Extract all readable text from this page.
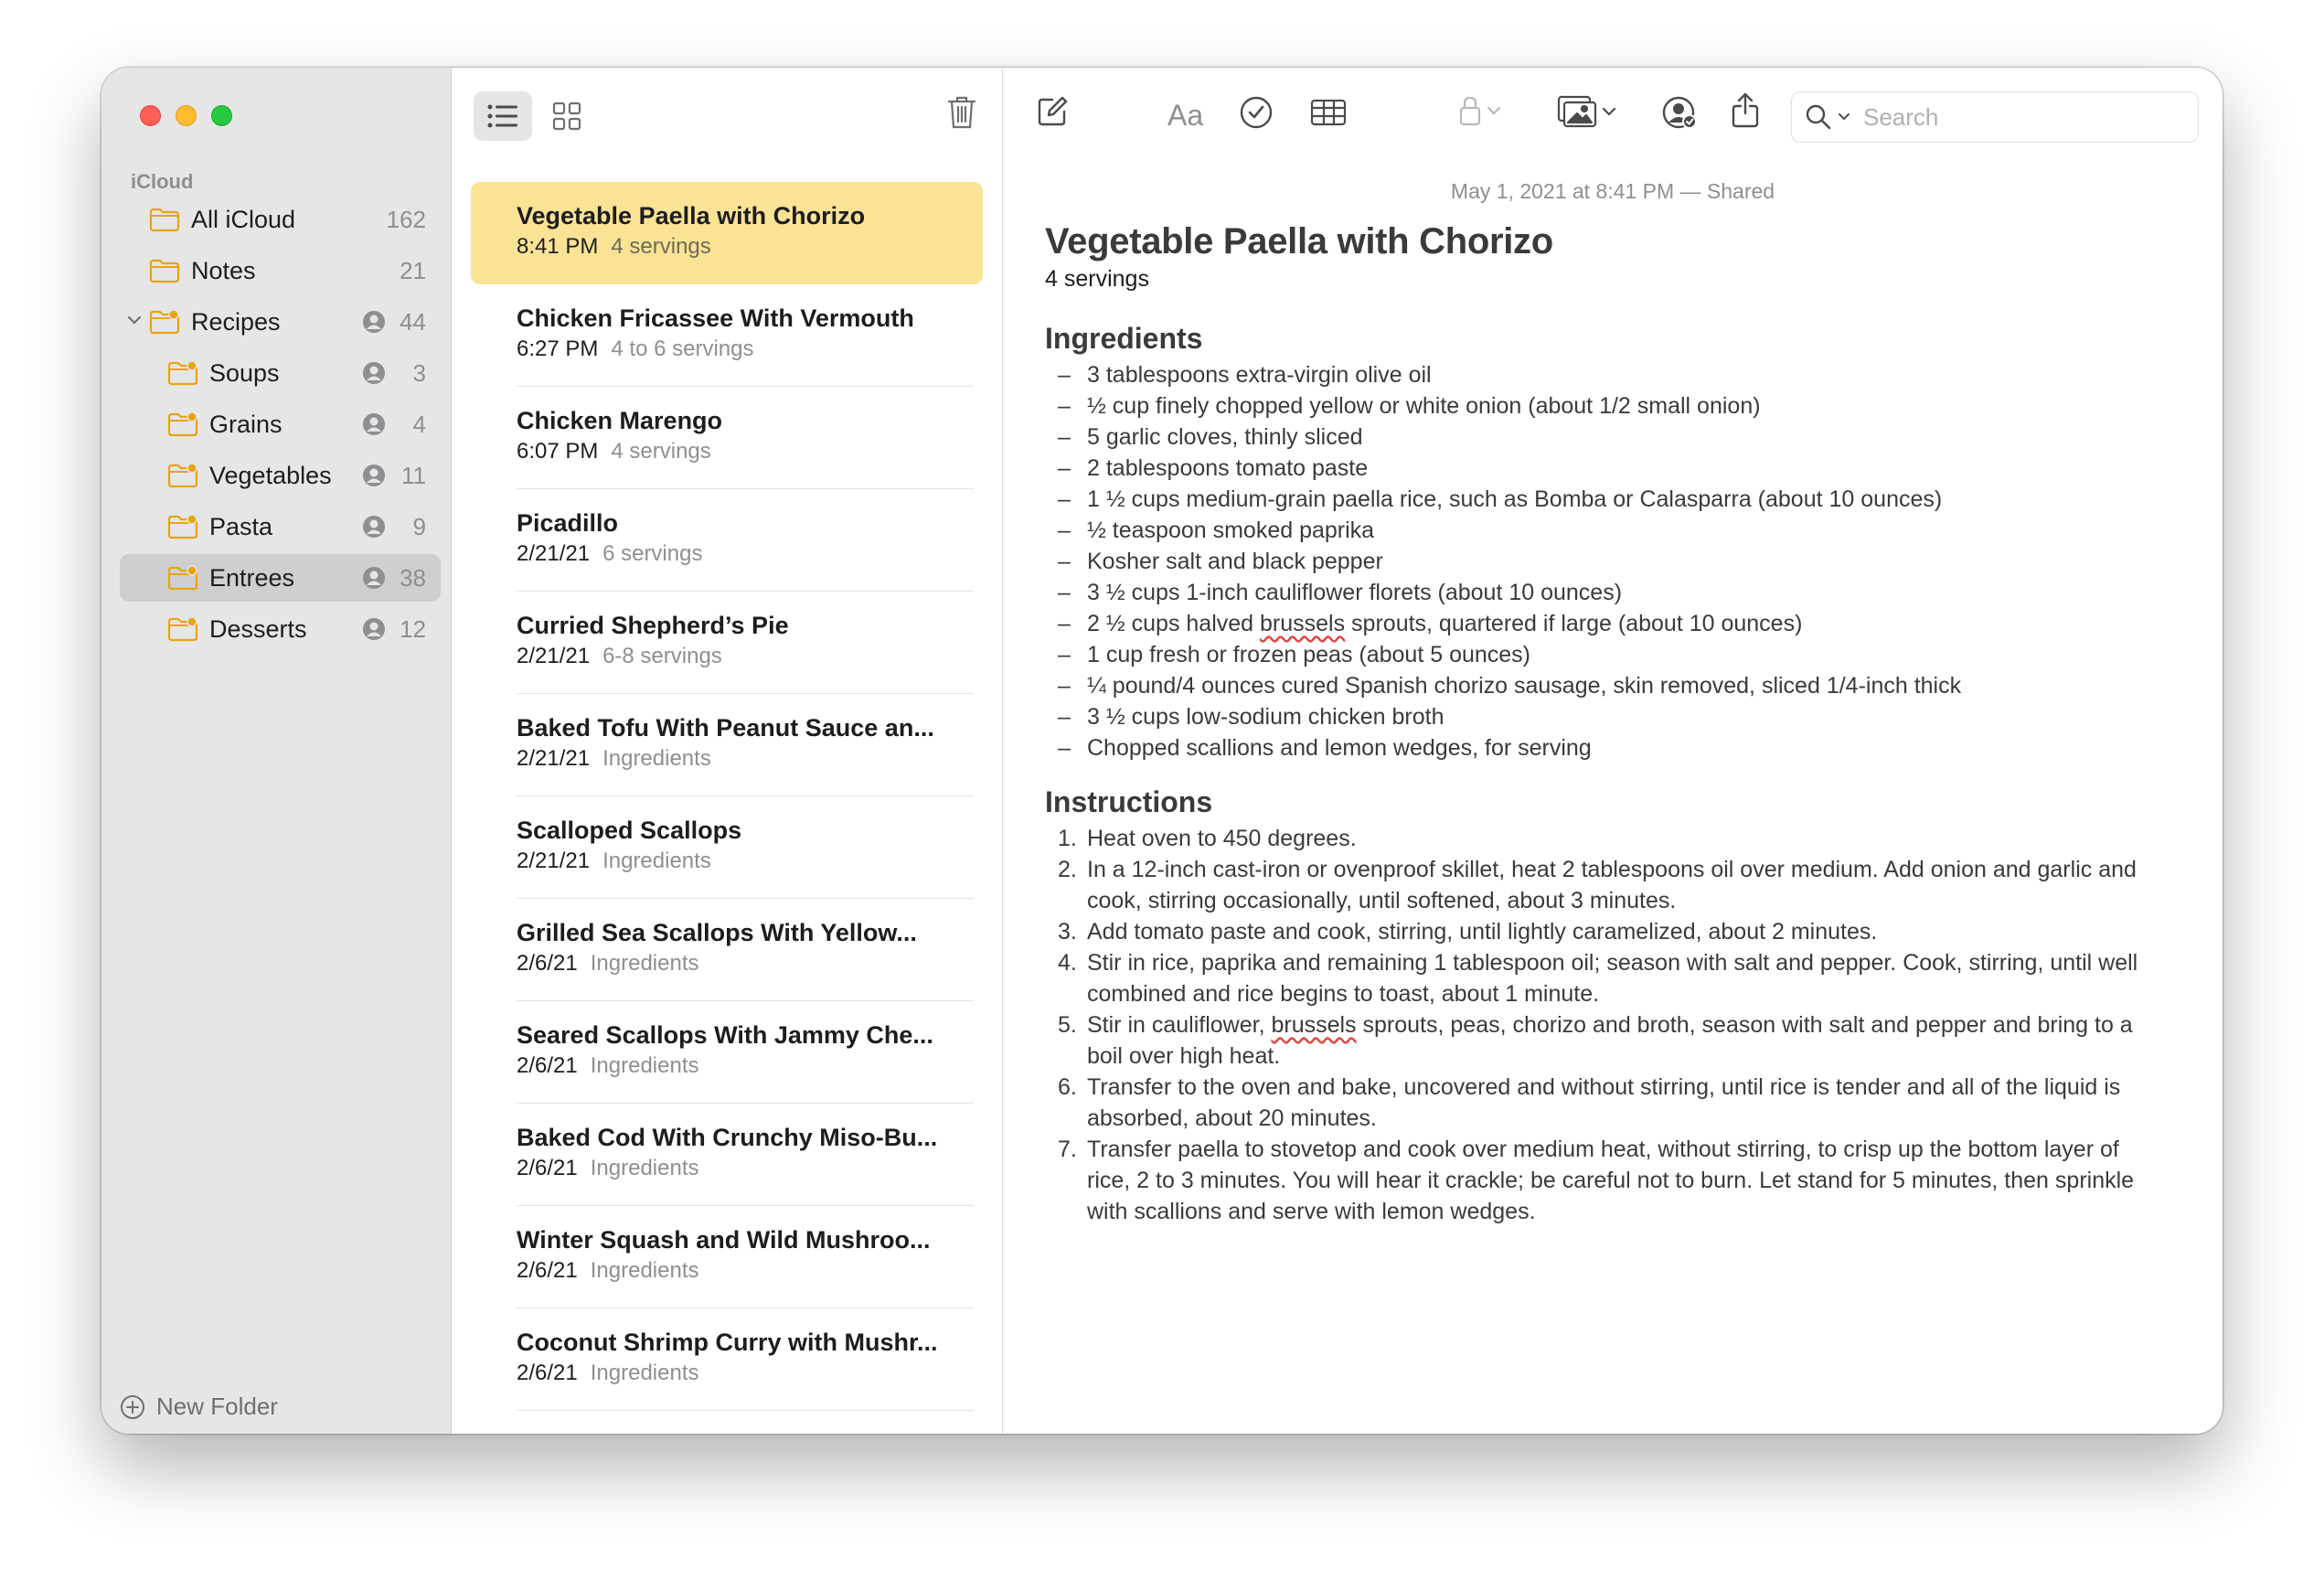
iCloud
All iCloud	162
Notes	21
Recipes	44
Soups	3
Grains	4
Vegetables	11
Pasta	9
Entrees	38
Desserts	12
New Folder
Vegetable Paella with Chorizo
8:41 PM 4 servings
Chicken Fricassee With Vermouth
6:27 PM 4 to 6 servings
Chicken Marengo
6:07 PM 4 servings
Picadillo
2/21/21 6 servings
Curried Shepherd’s Pie
2/21/21 6-8 servings
Baked Tofu With Peanut Sauce an...
2/21/21 Ingredients
Scalloped Scallops
2/21/21 Ingredients
Grilled Sea Scallops With Yellow...
2/6/21 Ingredients
Seared Scallops With Jammy Che...
2/6/21 Ingredients
Baked Cod With Crunchy Miso-Bu...
2/6/21 Ingredients
Winter Squash and Wild Mushroo...
2/6/21 Ingredients
Coconut Shrimp Curry with Mushr...
2/6/21 Ingredients
Aa	Search
May 1, 2021 at 8:41 PM — Shared
Vegetable Paella with Chorizo
4 servings
Ingredients
– 3 tablespoons extra-virgin olive oil
– ½ cup finely chopped yellow or white onion (about 1/2 small onion)
– 5 garlic cloves, thinly sliced
– 2 tablespoons tomato paste
– 1 ½ cups medium-grain paella rice, such as Bomba or Calasparra (about 10 ounces)
– ½ teaspoon smoked paprika
– Kosher salt and black pepper
– 3 ½ cups 1-inch cauliflower florets (about 10 ounces)
– 2 ½ cups halved brussels sprouts, quartered if large (about 10 ounces)
– 1 cup fresh or frozen peas (about 5 ounces)
– ¼ pound/4 ounces cured Spanish chorizo sausage, skin removed, sliced 1/4-inch thick
– 3 ½ cups low-sodium chicken broth
– Chopped scallions and lemon wedges, for serving
Instructions
1. Heat oven to 450 degrees.
2. In a 12-inch cast-iron or ovenproof skillet, heat 2 tablespoons oil over medium. Add onion and garlic and cook, stirring occasionally, until softened, about 3 minutes.
3. Add tomato paste and cook, stirring, until lightly caramelized, about 2 minutes.
4. Stir in rice, paprika and remaining 1 tablespoon oil; season with salt and pepper. Cook, stirring, until well combined and rice begins to toast, about 1 minute.
5. Stir in cauliflower, brussels sprouts, peas, chorizo and broth, season with salt and pepper and bring to a boil over high heat.
6. Transfer to the oven and bake, uncovered and without stirring, until rice is tender and all of the liquid is absorbed, about 20 minutes.
7. Transfer paella to stovetop and cook over medium heat, without stirring, to crisp up the bottom layer of rice, 2 to 3 minutes. You will hear it crackle; be careful not to burn. Let stand for 5 minutes, then sprinkle with scallions and serve with lemon wedges.
